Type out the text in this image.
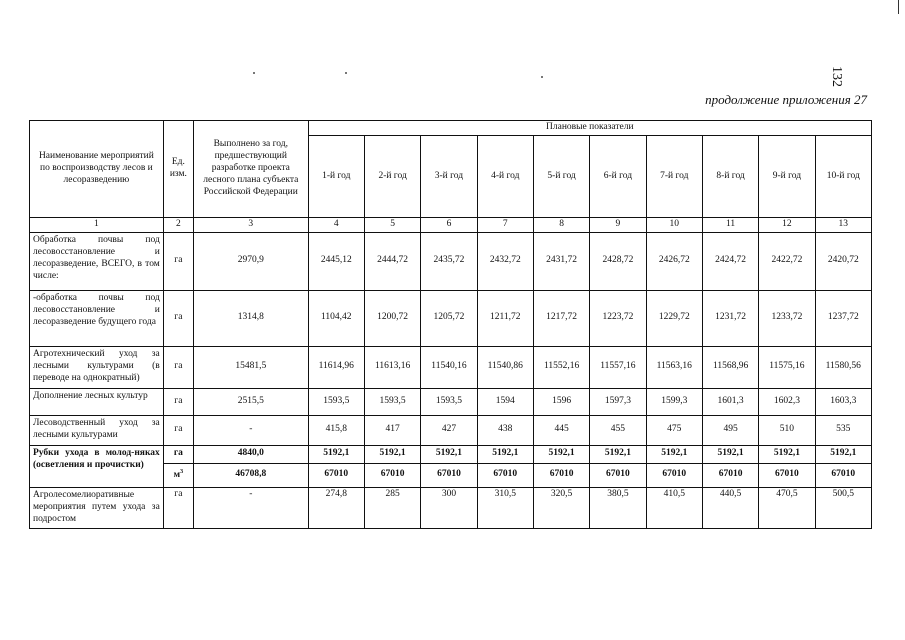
132
продолжение приложения 27
Наименование мероприятий по воспроизводству лесов и лесоразведению	Ед. изм.	Выполнено за год, предшествующий разработке проекта лесного плана субъекта Российской Федерации	Плановые показатели									
			1-й год	2-й год	3-й год	4-й год	5-й год	6-й год	7-й год	8-й год	9-й год	10-й год
1	2	3	4	5	6	7	8	9	10	11	12	13
Обработка почвы под лесовосстановление и лесоразведение, ВСЕГО, в том числе:	га	2970,9	2445,12	2444,72	2435,72	2432,72	2431,72	2428,72	2426,72	2424,72	2422,72	2420,72
-обработка почвы под лесовосстановление и лесоразведение будущего года	га	1314,8	1104,42	1200,72	1205,72	1211,72	1217,72	1223,72	1229,72	1231,72	1233,72	1237,72
Агротехнический уход за лесными культурами (в переводе на однократный)	га	15481,5	11614,96	11613,16	11540,16	11540,86	11552,16	11557,16	11563,16	11568,96	11575,16	11580,56
Дополнение лесных культур	га	2515,5	1593,5	1593,5	1593,5	1594	1596	1597,3	1599,3	1601,3	1602,3	1603,3
Лесоводственный уход за лесными культурами	га	-	415,8	417	427	438	445	455	475	495	510	535
Рубки ухода в молод-няках (осветления и прочистки)	га	4840,0	5192,1	5192,1	5192,1	5192,1	5192,1	5192,1	5192,1	5192,1	5192,1	5192,1
	$м^3$	46708,8	67010	67010	67010	67010	67010	67010	67010	67010	67010	67010
Агролесомелиоративные мероприятия путем ухода за подростом	га	-	274,8	285	300	310,5	320,5	380,5	410,5	440,5	470,5	500,5
